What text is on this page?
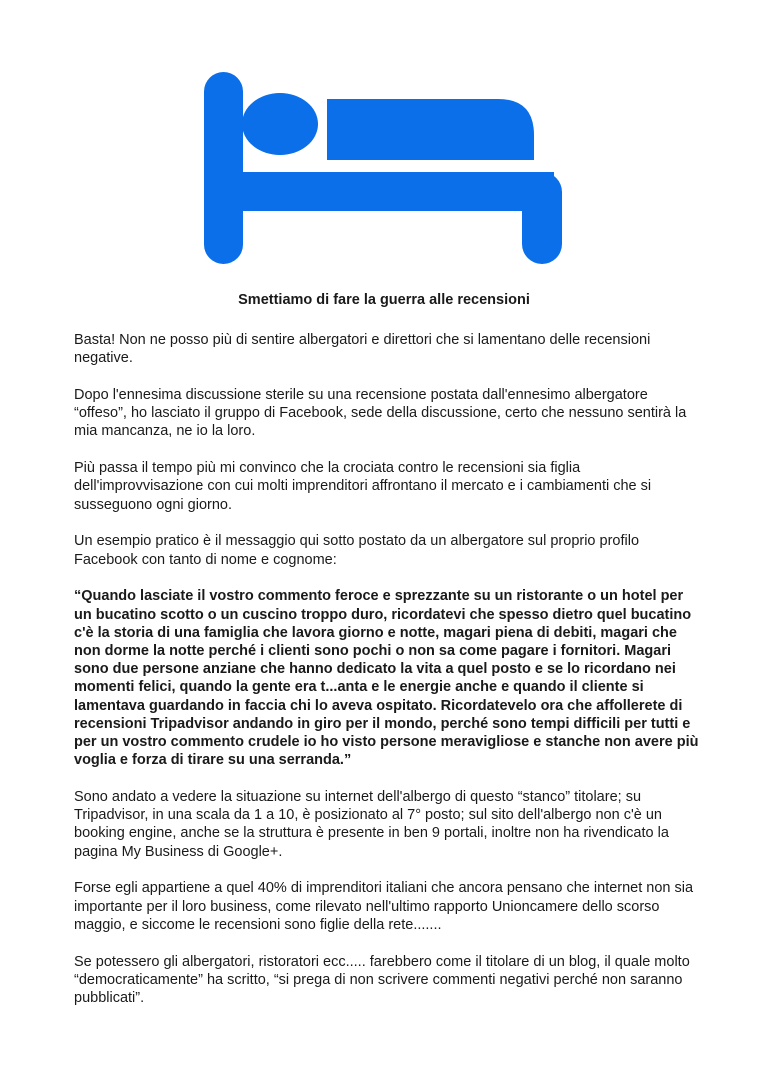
Smettiamo di fare la guerra alle recensioni

Basta! Non ne posso più di sentire albergatori e direttori che si lamentano delle recensioni negative.

Dopo l'ennesima discussione sterile su una recensione postata dall'ennesimo albergatore “offeso”, ho lasciato il gruppo di Facebook, sede della discussione, certo che nessuno sentirà la mia mancanza, ne io la loro.

Più passa il tempo più mi convinco che la crociata contro le recensioni sia figlia dell'improvvisazione con cui molti imprenditori affrontano il mercato e i cambiamenti che si susseguono ogni giorno.

Un esempio pratico è il messaggio qui sotto postato da un albergatore sul proprio profilo Facebook con tanto di nome e cognome:

“Quando lasciate il vostro commento feroce e sprezzante su un ristorante o un hotel per un bucatino scotto o un cuscino troppo duro, ricordatevi che spesso dietro quel bucatino c'è la storia di una famiglia che lavora giorno e notte, magari piena di debiti, magari che non dorme la notte perché i clienti sono pochi o non sa come pagare i fornitori. Magari sono due persone anziane che hanno dedicato la vita a quel posto e se lo ricordano nei momenti felici, quando la gente era t...anta e le energie anche e quando il cliente si lamentava guardando in faccia chi lo aveva ospitato. Ricordatevelo ora che affollerete di recensioni Tripadvisor andando in giro per il mondo, perché sono tempi difficili per tutti e per un vostro commento crudele io ho visto persone meravigliose e stanche non avere più voglia e forza di tirare su una serranda.”

Sono andato a vedere la situazione su internet dell'albergo di questo “stanco” titolare; su Tripadvisor, in una scala da 1 a 10, è posizionato al 7° posto; sul sito dell'albergo non c'è un booking engine, anche se la struttura è presente in ben 9 portali, inoltre non ha rivendicato la pagina My Business di Google+.

Forse egli appartiene a quel 40% di imprenditori italiani che ancora pensano che internet non sia importante per il loro business, come rilevato nell'ultimo rapporto Unioncamere dello scorso maggio, e siccome le recensioni sono figlie della rete.......

Se potessero gli albergatori, ristoratori ecc..... farebbero come il titolare di un blog, il quale molto “democraticamente” ha scritto, “si prega di non scrivere commenti negativi perché non saranno pubblicati”.
